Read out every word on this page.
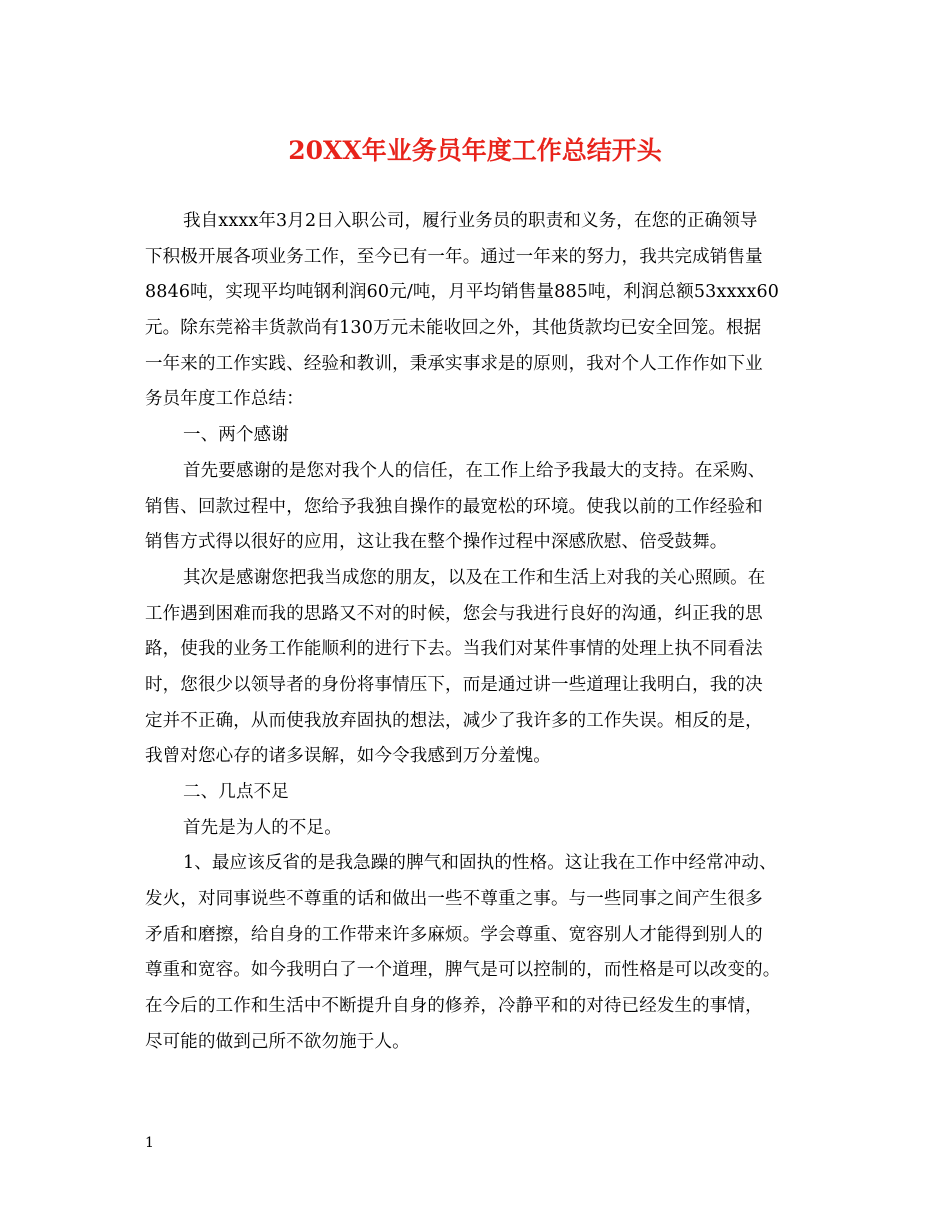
20XX年业务员年度工作总结开头
我自xxxx年3月2日入职公司，履行业务员的职责和义务，在您的正确领导
下积极开展各项业务工作，至今已有一年。通过一年来的努力，我共完成销售量
8846吨，实现平均吨钢利润60元/吨，月平均销售量885吨，利润总额53xxxx60
元。除东莞裕丰货款尚有130万元未能收回之外，其他货款均已安全回笼。根据
一年来的工作实践、经验和教训，秉承实事求是的原则，我对个人工作作如下业
务员年度工作总结：
一、两个感谢
首先要感谢的是您对我个人的信任，在工作上给予我最大的支持。在采购、
销售、回款过程中，您给予我独自操作的最宽松的环境。使我以前的工作经验和
销售方式得以很好的应用，这让我在整个操作过程中深感欣慰、倍受鼓舞。
其次是感谢您把我当成您的朋友，以及在工作和生活上对我的关心照顾。在
工作遇到困难而我的思路又不对的时候，您会与我进行良好的沟通，纠正我的思
路，使我的业务工作能顺利的进行下去。当我们对某件事情的处理上执不同看法
时，您很少以领导者的身份将事情压下，而是通过讲一些道理让我明白，我的决
定并不正确，从而使我放弃固执的想法，减少了我许多的工作失误。相反的是，
我曾对您心存的诸多误解，如今令我感到万分羞愧。
二、几点不足
首先是为人的不足。
1、最应该反省的是我急躁的脾气和固执的性格。这让我在工作中经常冲动、
发火，对同事说些不尊重的话和做出一些不尊重之事。与一些同事之间产生很多
矛盾和磨擦，给自身的工作带来许多麻烦。学会尊重、宽容别人才能得到别人的
尊重和宽容。如今我明白了一个道理，脾气是可以控制的，而性格是可以改变的。
在今后的工作和生活中不断提升自身的修养，冷静平和的对待已经发生的事情，
尽可能的做到己所不欲勿施于人。
1
